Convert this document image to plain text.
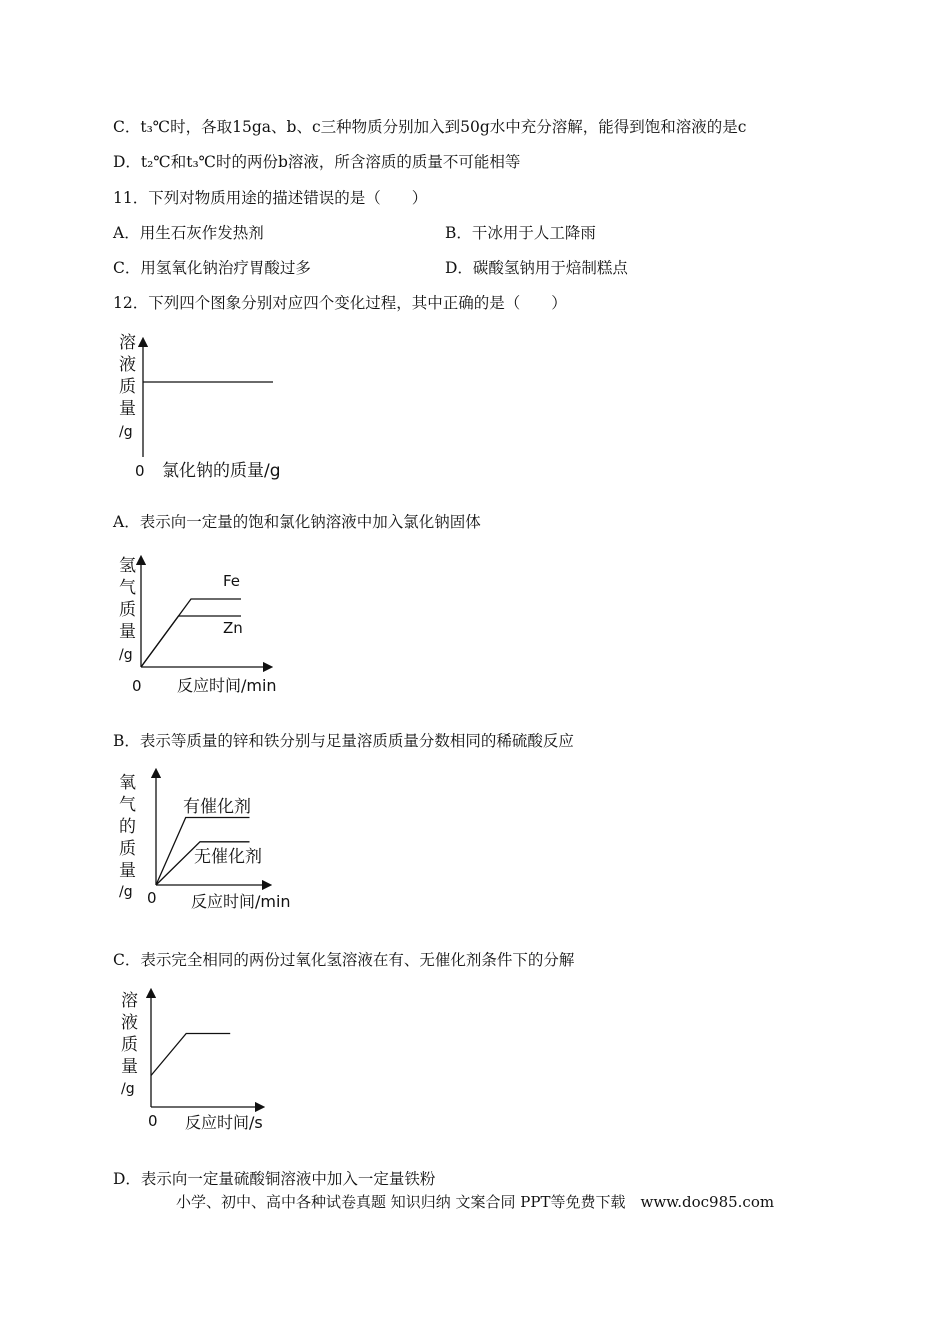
C．t₃℃时，各取15ga、b、c三种物质分别加入到50g水中充分溶解，能得到饱和溶液的是c
D．t₂℃和t₃℃时的两份b溶液，所含溶质的质量不可能相等
11．下列对物质用途的描述错误的是（　　）
A．用生石灰作发热剂	B．干冰用于人工降雨
C．用氢氧化钠治疗胃酸过多	D．碳酸氢钠用于焙制糕点
12．下列四个图象分别对应四个变化过程，其中正确的是（　　）
溶
液
质
量
/g
0 氯化钠的质量/g
A．表示向一定量的饱和氯化钠溶液中加入氯化钠固体
氢
气
质
量
/g
0 反应时间/min
Fe
Zn
B．表示等质量的锌和铁分别与足量溶质质量分数相同的稀硫酸反应
氧
气
的
质
量
/g 0 反应时间/min
有催化剂
无催化剂
C．表示完全相同的两份过氧化氢溶液在有、无催化剂条件下的分解
溶
液
质
量
/g
0 反应时间/s
D．表示向一定量硫酸铜溶液中加入一定量铁粉
小学、初中、高中各种试卷真题 知识归纳 文案合同 PPT等免费下载　www.doc985.com
